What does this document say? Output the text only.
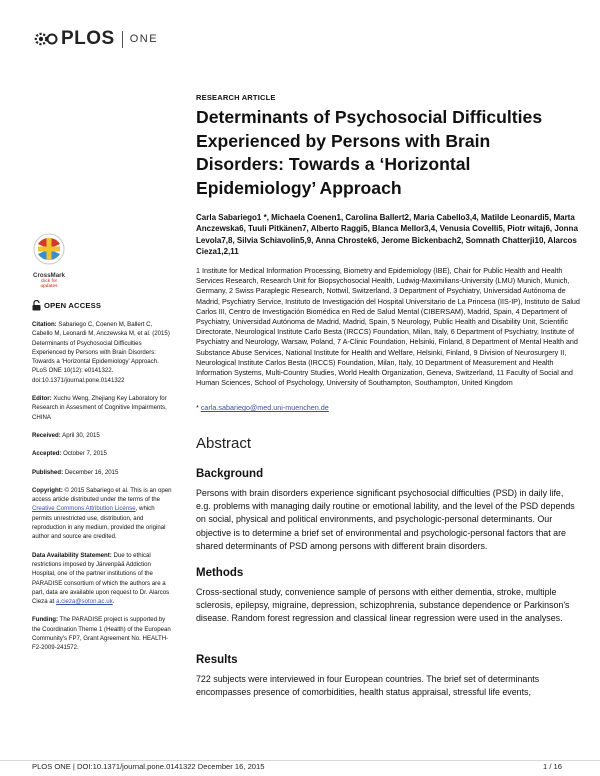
PLOS ONE
RESEARCH ARTICLE
Determinants of Psychosocial Difficulties Experienced by Persons with Brain Disorders: Towards a ‘Horizontal Epidemiology’ Approach
Carla Sabariego1 *, Michaela Coenen1, Carolina Ballert2, Maria Cabello3,4, Matilde Leonardi5, Marta Anczewska6, Tuuli Pitkänen7, Alberto Raggi5, Blanca Mellor3,4, Venusia Covelli5, Piotr witaj6, Jonna Levola7,8, Silvia Schiavolin5,9, Anna Chrostek6, Jerome Bickenbach2, Somnath Chatterji10, Alarcos Cieza1,2,11
1 Institute for Medical Information Processing, Biometry and Epidemiology (IBE), Chair for Public Health and Health Services Research, Research Unit for Biopsychosocial Health, Ludwig-Maximilians-University (LMU) Munich, Munich, Germany, 2 Swiss Paraplegic Research, Nottwil, Switzerland, 3 Department of Psychiatry, Universidad Autónoma de Madrid, Psychiatry Service, Instituto de Investigación del Hospital Universitario de La Princesa (IIS-IP), Instituto de Salud Carlos III, Centro de Investigación Biomédica en Red de Salud Mental (CIBERSAM), Madrid, Spain, 4 Department of Psychiatry, Universidad Autónoma de Madrid, Madrid, Spain, 5 Neurology, Public Health and Disability Unit, Scientific Directorate, Neurological Institute Carlo Besta (IRCCS) Foundation, Milan, Italy, 6 Department of Psychiatry, Institute of Psychiatry and Neurology, Warsaw, Poland, 7 A-Clinic Foundation, Helsinki, Finland, 8 Department of Mental Health and Substance Abuse Services, National Institute for Health and Welfare, Helsinki, Finland, 9 Division of Neurosurgery II, Neurological Institute Carlos Besta (IRCCS) Foundation, Milan, Italy, 10 Department of Measurement and Health Information Systems, Multi-Country Studies, World Health Organization, Geneva, Switzerland, 11 Faculty of Social and Human Sciences, School of Psychology, University of Southampton, Southampton, United Kingdom
* carla.sabariego@med.uni-muenchen.de
Abstract
Background
Persons with brain disorders experience significant psychosocial difficulties (PSD) in daily life, e.g. problems with managing daily routine or emotional lability, and the level of the PSD depends on social, physical and political environments, and psychologic-personal determinants. Our objective is to determine a brief set of environmental and psychologic-personal factors that are shared determinants of PSD among persons with different brain disorders.
Methods
Cross-sectional study, convenience sample of persons with either dementia, stroke, multiple sclerosis, epilepsy, migraine, depression, schizophrenia, substance dependence or Parkinson's disease. Random forest regression and classical linear regression were used in the analyses.
Results
722 subjects were interviewed in four European countries. The brief set of determinants encompasses presence of comorbidities, health status appraisal, stressful life events,
CrossMark
click for updates
OPEN ACCESS
Citation: Sabariego C, Coenen M, Ballert C, Cabello M, Leonardi M, Anczewska M, et al. (2015) Determinants of Psychosocial Difficulties Experienced by Persons with Brain Disorders: Towards a ‘Horizontal Epidemiology’ Approach. PLoS ONE 10(12): e0141322. doi:10.1371/journal.pone.0141322
Editor: Xuchu Weng, Zhejiang Key Laboratory for Research in Assesment of Cognitive Impairments, CHINA
Received: April 30, 2015
Accepted: October 7, 2015
Published: December 16, 2015
Copyright: © 2015 Sabariego et al. This is an open access article distributed under the terms of the Creative Commons Attribution License, which permits unrestricted use, distribution, and reproduction in any medium, provided the original author and source are credited.
Data Availability Statement: Due to ethical restrictions imposed by Järvenpää Addiction Hospital, one of the partner institutions of the PARADISE consortium of which the authors are a part, data are available upon request to Dr. Alarcos Cieza at a.cieza@soton.ac.uk.
Funding: The PARADISE project is supported by the Coordination Theme 1 (Health) of the European Community's FP7, Grant Agreement No. HEALTH-F2-2009-241572.
PLOS ONE | DOI:10.1371/journal.pone.0141322 December 16, 2015	1 / 16
